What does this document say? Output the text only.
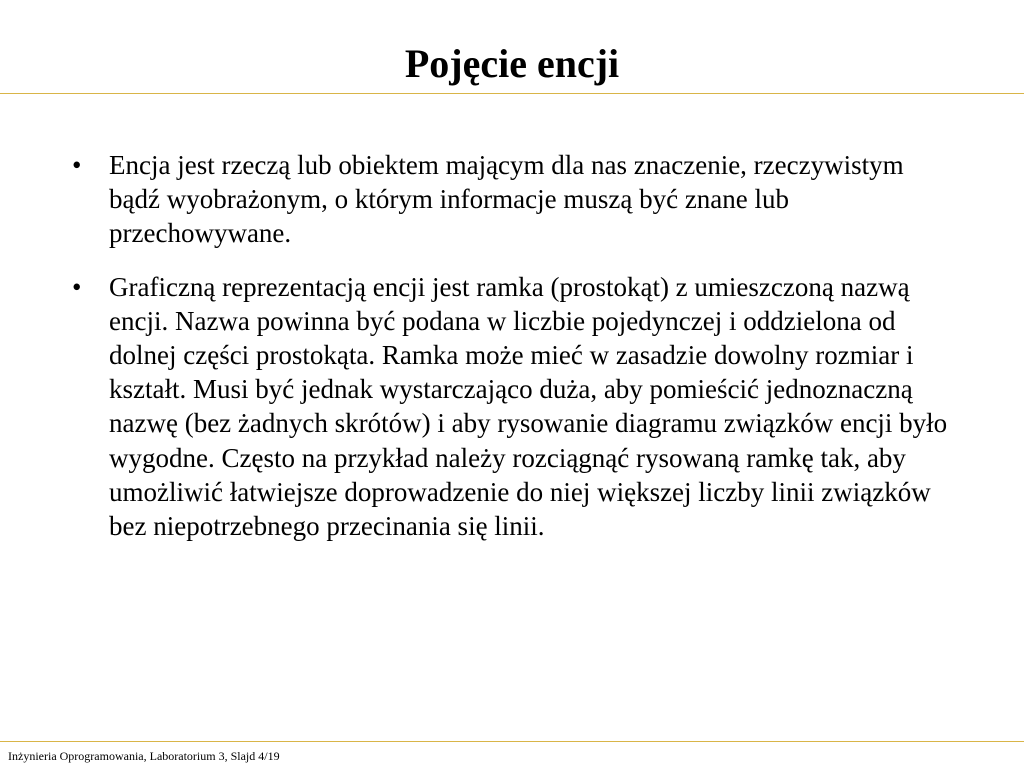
Pojęcie encji
• Encja jest rzeczą lub obiektem mającym dla nas znaczenie, rzeczywistym bądź wyobrażonym, o którym informacje muszą być znane lub przechowywane.
• Graficzną reprezentacją encji jest ramka (prostokąt) z umieszczoną nazwą encji. Nazwa powinna być podana w liczbie pojedynczej i oddzielona od dolnej części prostokąta. Ramka może mieć w zasadzie dowolny rozmiar i kształt. Musi być jednak wystarczająco duża, aby pomieścić jednoznaczną nazwę (bez żadnych skrótów) i aby rysowanie diagramu związków encji było wygodne. Często na przykład należy rozciągnąć rysowaną ramkę tak, aby umożliwić łatwiejsze doprowadzenie do niej większej liczby linii związków bez niepotrzebnego przecinania się linii.
Inżynieria Oprogramowania, Laboratorium 3, Slajd 4/19
